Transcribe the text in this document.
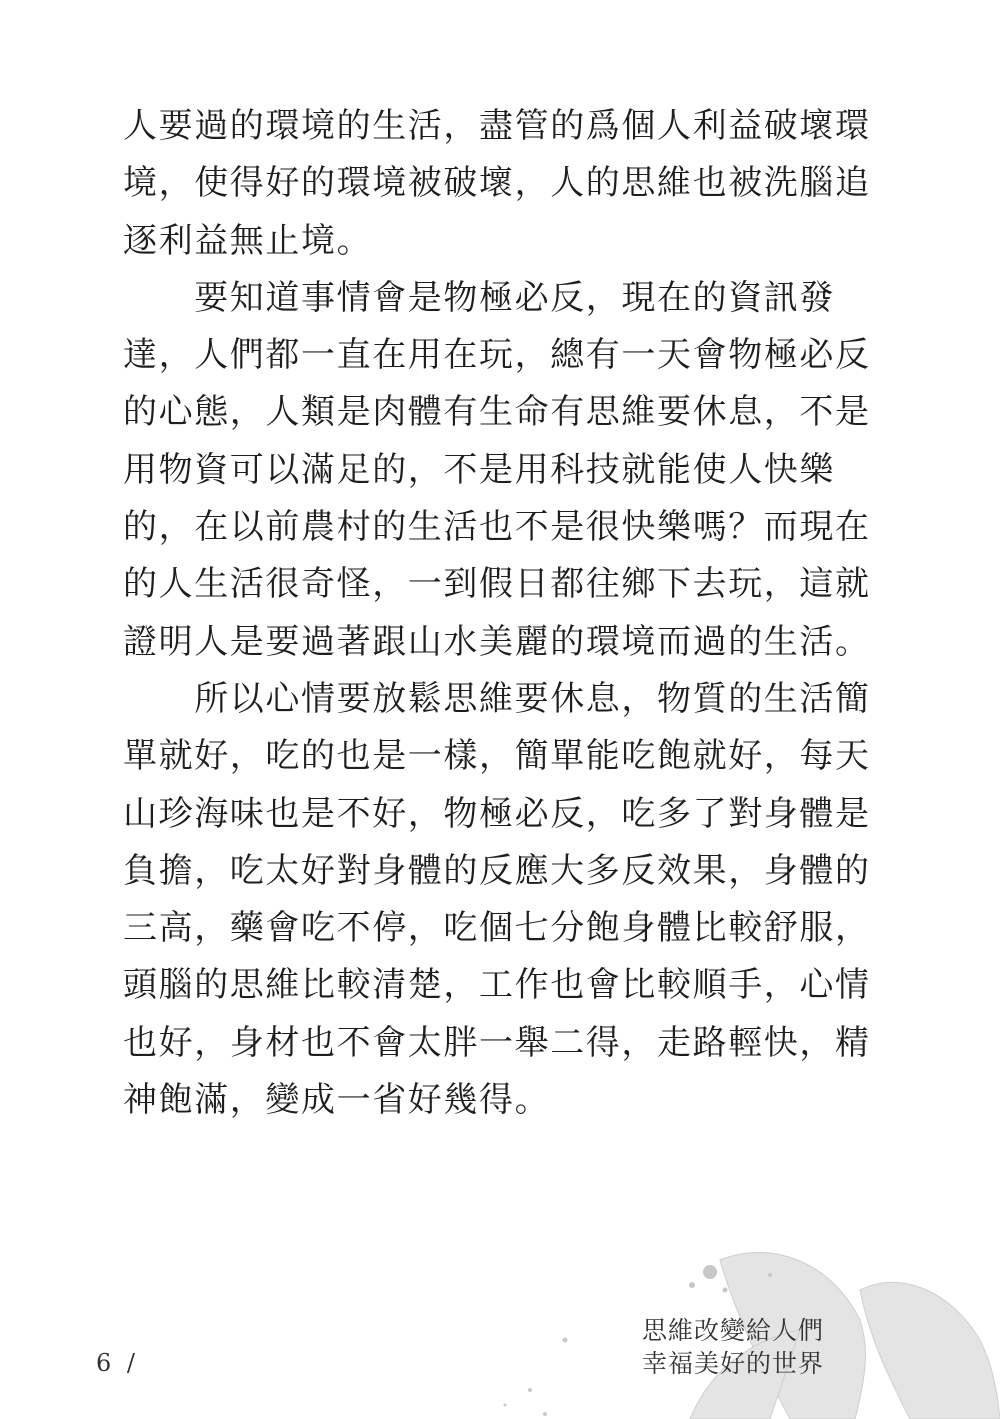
人要過的環境的生活，盡管的爲個人利益破壞環
境，使得好的環境被破壞，人的思維也被洗腦追
逐利益無止境。
　　要知道事情會是物極必反，現在的資訊發
達，人們都一直在用在玩，總有一天會物極必反
的心態，人類是肉體有生命有思維要休息，不是
用物資可以滿足的，不是用科技就能使人快樂
的，在以前農村的生活也不是很快樂嗎？而現在
的人生活很奇怪，一到假日都往鄉下去玩，這就
證明人是要過著跟山水美麗的環境而過的生活。
　　所以心情要放鬆思維要休息，物質的生活簡
單就好，吃的也是一樣，簡單能吃飽就好，每天
山珍海味也是不好，物極必反，吃多了對身體是
負擔，吃太好對身體的反應大多反效果，身體的
三高，藥會吃不停，吃個七分飽身體比較舒服，
頭腦的思維比較清楚，工作也會比較順手，心情
也好，身材也不會太胖一舉二得，走路輕快，精
神飽滿，變成一省好幾得。
6 /
思維改變給人們
幸福美好的世界
